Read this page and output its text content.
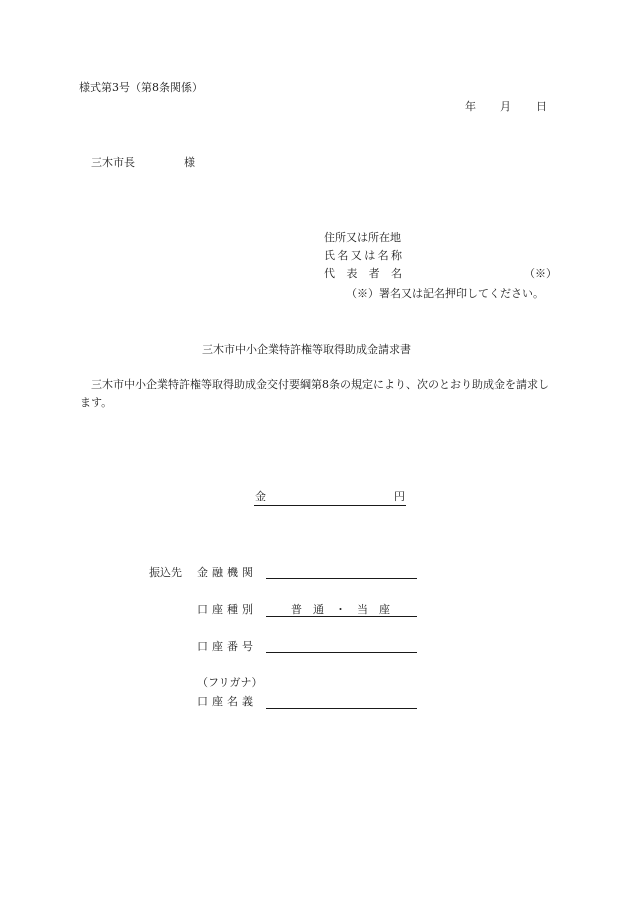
様式第3号（第8条関係）
年 月 日
三木市長	様
住所又は所在地
氏名又は名称
代表者名	（※）
（※）署名又は記名押印してください。
三木市中小企業特許権等取得助成金請求書
三木市中小企業特許権等取得助成金交付要綱第8条の規定により、次のとおり助成金を請求します。
金	円
振込先 金融機関
口座種別	普　通　・　当　座
口座番号
（フリガナ）
口座名義
